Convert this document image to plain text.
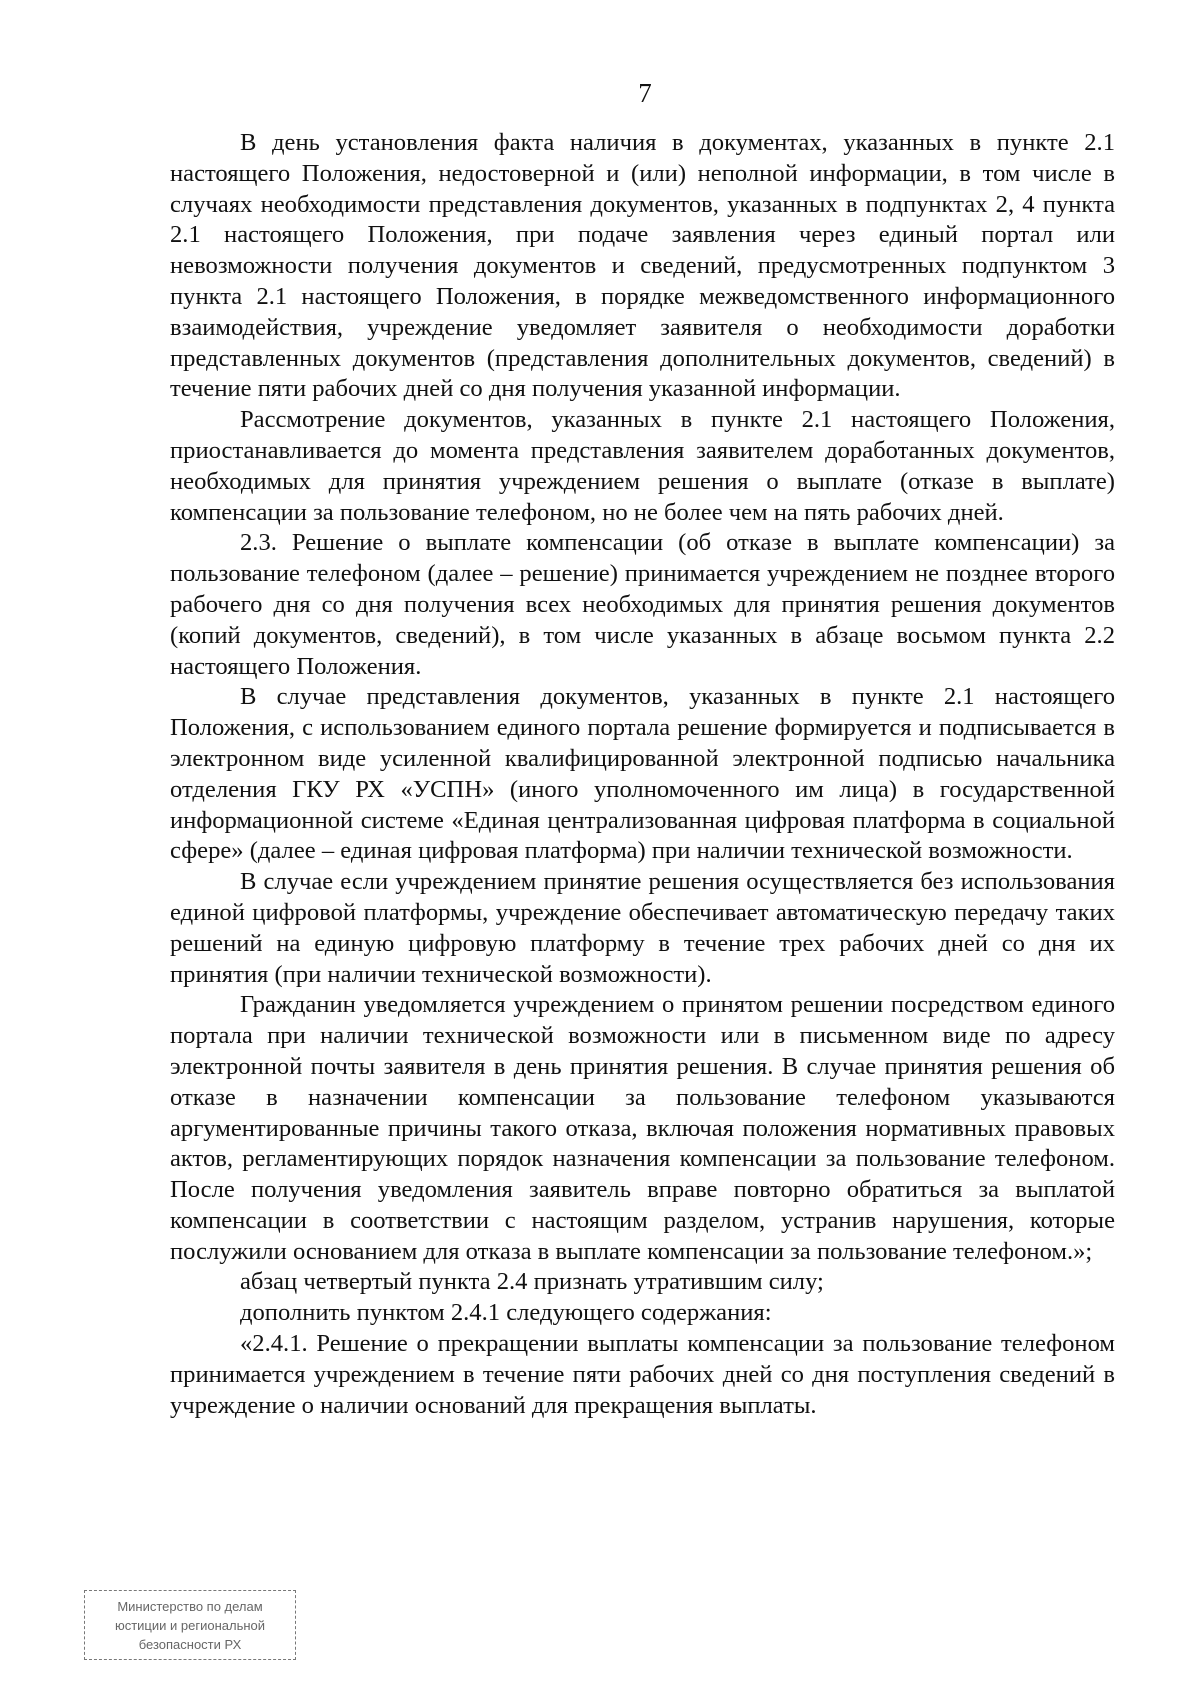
7

В день установления факта наличия в документах, указанных в пункте 2.1 настоящего Положения, недостоверной и (или) неполной информации, в том числе в случаях необходимости представления документов, указанных в подпунктах 2, 4 пункта 2.1 настоящего Положения, при подаче заявления через единый портал или невозможности получения документов и сведений, предусмотренных подпунктом 3 пункта 2.1 настоящего Положения, в порядке межведомственного информационного взаимодействия, учреждение уведомляет заявителя о необходимости доработки представленных документов (представления дополнительных документов, сведений) в течение пяти рабочих дней со дня получения указанной информации.

Рассмотрение документов, указанных в пункте 2.1 настоящего Положения, приостанавливается до момента представления заявителем доработанных документов, необходимых для принятия учреждением решения о выплате (отказе в выплате) компенсации за пользование телефоном, но не более чем на пять рабочих дней.

2.3. Решение о выплате компенсации (об отказе в выплате компенсации) за пользование телефоном (далее – решение) принимается учреждением не позднее второго рабочего дня со дня получения всех необходимых для принятия решения документов (копий документов, сведений), в том числе указанных в абзаце восьмом пункта 2.2 настоящего Положения.

В случае представления документов, указанных в пункте 2.1 настоящего Положения, с использованием единого портала решение формируется и подписывается в электронном виде усиленной квалифицированной электронной подписью начальника отделения ГКУ РХ «УСПН» (иного уполномоченного им лица) в государственной информационной системе «Единая централизованная цифровая платформа в социальной сфере» (далее – единая цифровая платформа) при наличии технической возможности.

В случае если учреждением принятие решения осуществляется без использования единой цифровой платформы, учреждение обеспечивает автоматическую передачу таких решений на единую цифровую платформу в течение трех рабочих дней со дня их принятия (при наличии технической возможности).

Гражданин уведомляется учреждением о принятом решении посредством единого портала при наличии технической возможности или в письменном виде по адресу электронной почты заявителя в день принятия решения. В случае принятия решения об отказе в назначении компенсации за пользование телефоном указываются аргументированные причины такого отказа, включая положения нормативных правовых актов, регламентирующих порядок назначения компенсации за пользование телефоном. После получения уведомления заявитель вправе повторно обратиться за выплатой компенсации в соответствии с настоящим разделом, устранив нарушения, которые послужили основанием для отказа в выплате компенсации за пользование телефоном.»;

абзац четвертый пункта 2.4 признать утратившим силу;

дополнить пунктом 2.4.1 следующего содержания:

«2.4.1. Решение о прекращении выплаты компенсации за пользование телефоном принимается учреждением в течение пяти рабочих дней со дня поступления сведений в учреждение о наличии оснований для прекращения выплаты.

Министерство по делам
юстиции и региональной
безопасности РХ
